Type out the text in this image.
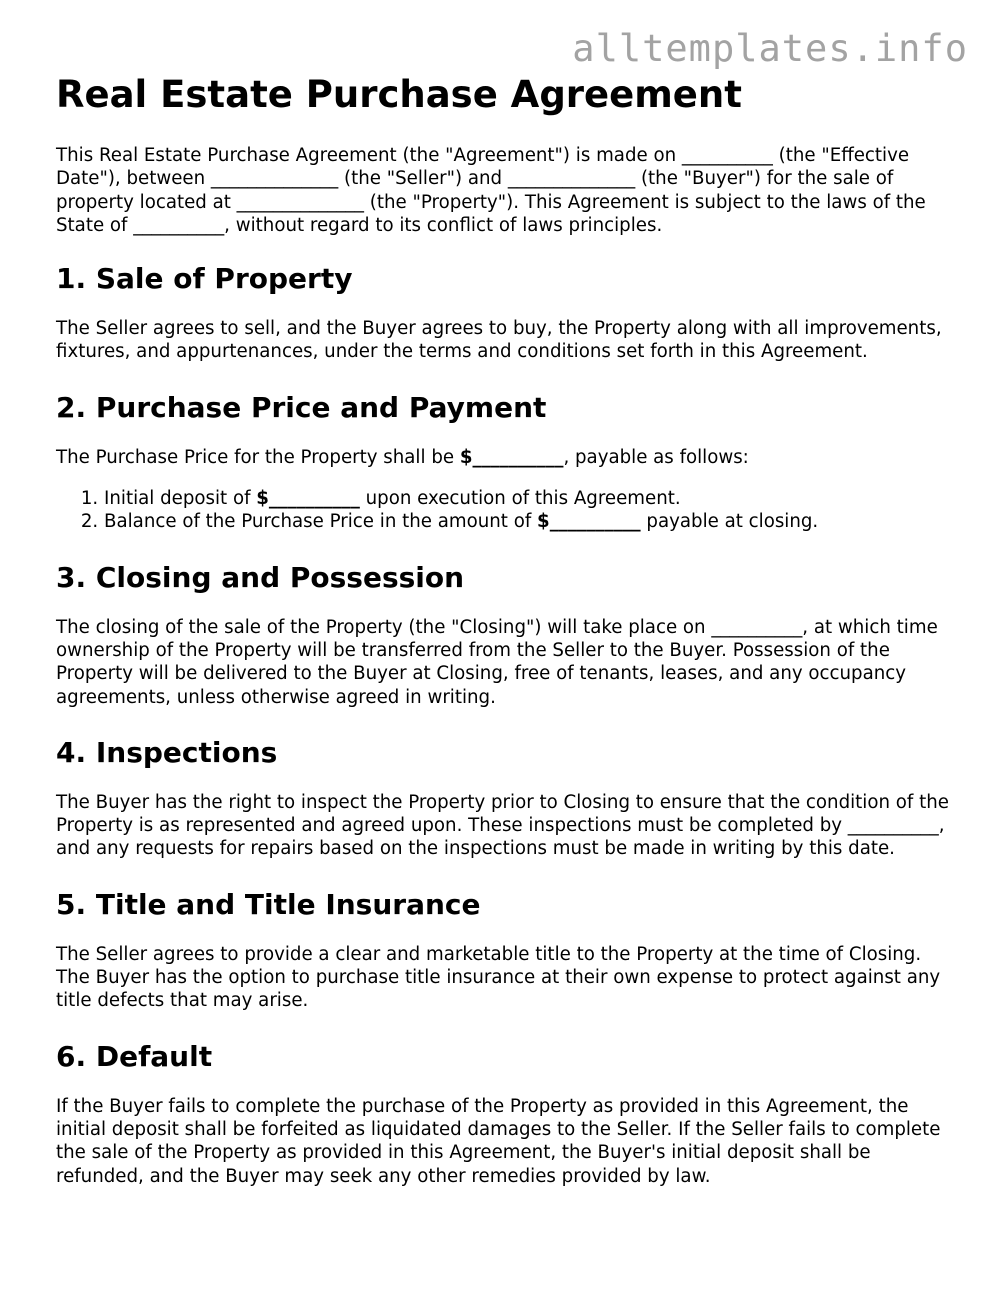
alltemplates.info
Real Estate Purchase Agreement

This Real Estate Purchase Agreement (the "Agreement") is made on __________ (the "Effective Date"), between ______________ (the "Seller") and ______________ (the "Buyer") for the sale of property located at ______________ (the "Property"). This Agreement is subject to the laws of the State of __________, without regard to its conflict of laws principles.

1. Sale of Property

The Seller agrees to sell, and the Buyer agrees to buy, the Property along with all improvements, fixtures, and appurtenances, under the terms and conditions set forth in this Agreement.

2. Purchase Price and Payment

The Purchase Price for the Property shall be $__________, payable as follows:

1. Initial deposit of $__________ upon execution of this Agreement.
2. Balance of the Purchase Price in the amount of $__________ payable at closing.
3. Closing and Possession

The closing of the sale of the Property (the "Closing") will take place on __________, at which time ownership of the Property will be transferred from the Seller to the Buyer. Possession of the Property will be delivered to the Buyer at Closing, free of tenants, leases, and any occupancy agreements, unless otherwise agreed in writing.

4. Inspections

The Buyer has the right to inspect the Property prior to Closing to ensure that the condition of the Property is as represented and agreed upon. These inspections must be completed by __________, and any requests for repairs based on the inspections must be made in writing by this date.

5. Title and Title Insurance

The Seller agrees to provide a clear and marketable title to the Property at the time of Closing. The Buyer has the option to purchase title insurance at their own expense to protect against any title defects that may arise.

6. Default

If the Buyer fails to complete the purchase of the Property as provided in this Agreement, the initial deposit shall be forfeited as liquidated damages to the Seller. If the Seller fails to complete the sale of the Property as provided in this Agreement, the Buyer's initial deposit shall be refunded, and the Buyer may seek any other remedies provided by law.
